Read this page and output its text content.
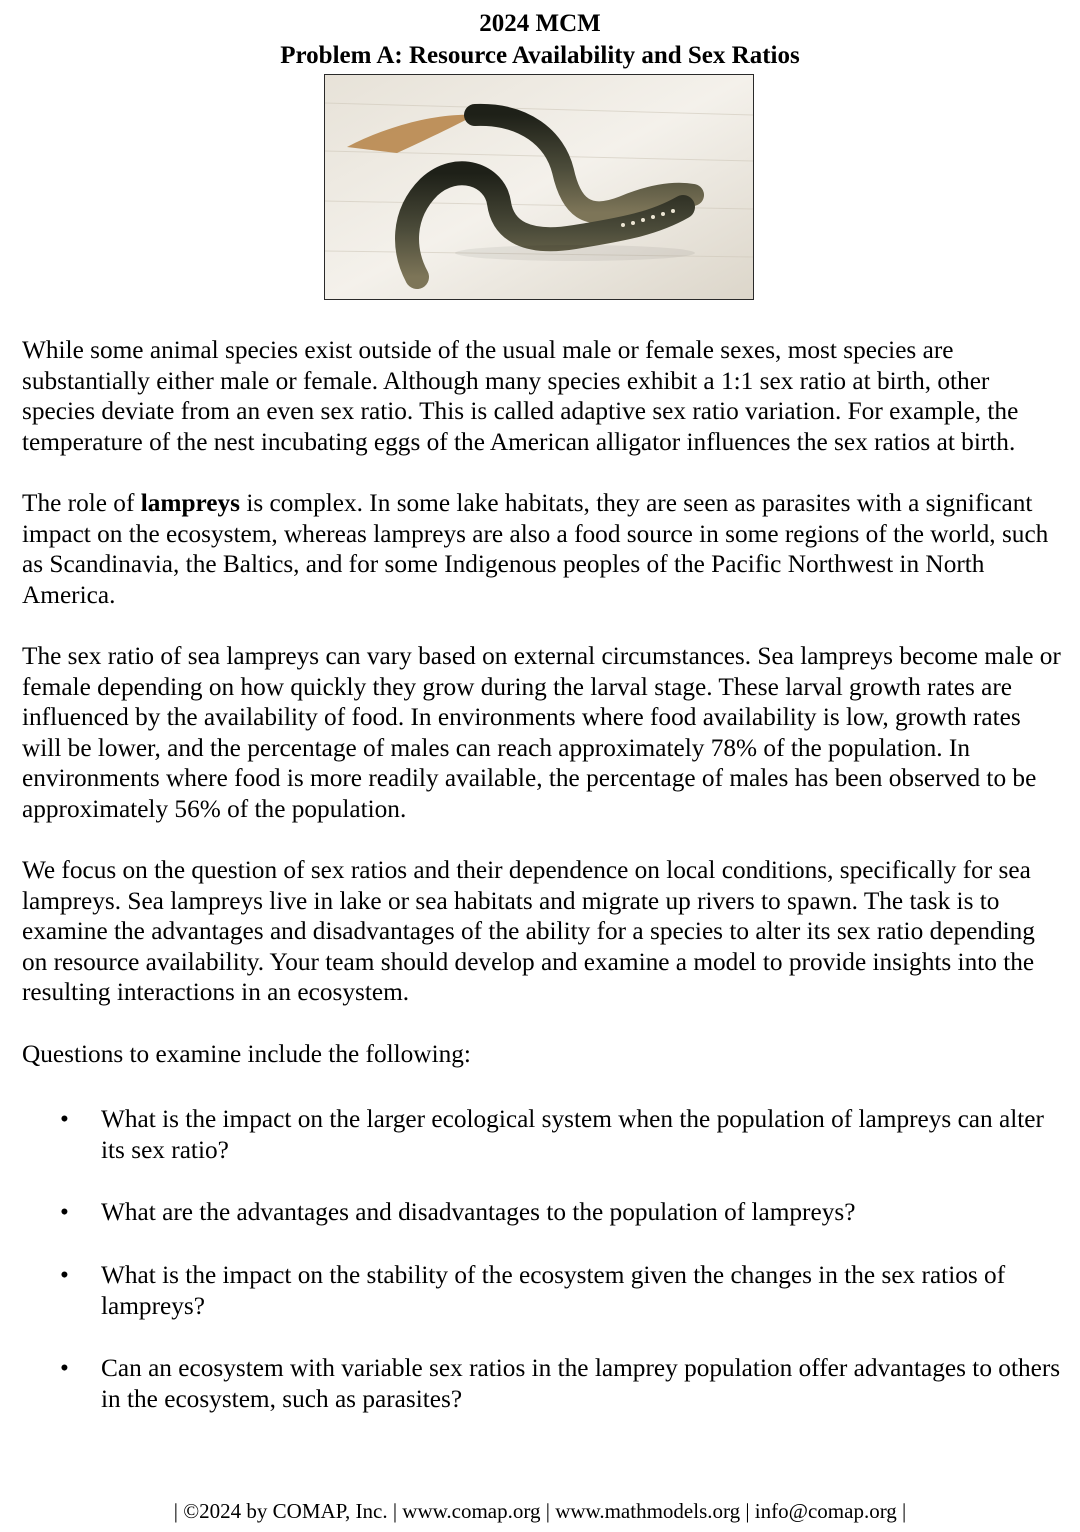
2024 MCM
Problem A: Resource Availability and Sex Ratios

While some animal species exist outside of the usual male or female sexes, most species are substantially either male or female. Although many species exhibit a 1:1 sex ratio at birth, other species deviate from an even sex ratio. This is called adaptive sex ratio variation. For example, the temperature of the nest incubating eggs of the American alligator influences the sex ratios at birth.

The role of lampreys is complex. In some lake habitats, they are seen as parasites with a significant impact on the ecosystem, whereas lampreys are also a food source in some regions of the world, such as Scandinavia, the Baltics, and for some Indigenous peoples of the Pacific Northwest in North America.

The sex ratio of sea lampreys can vary based on external circumstances. Sea lampreys become male or female depending on how quickly they grow during the larval stage. These larval growth rates are influenced by the availability of food. In environments where food availability is low, growth rates will be lower, and the percentage of males can reach approximately 78% of the population. In environments where food is more readily available, the percentage of males has been observed to be approximately 56% of the population.

We focus on the question of sex ratios and their dependence on local conditions, specifically for sea lampreys. Sea lampreys live in lake or sea habitats and migrate up rivers to spawn. The task is to examine the advantages and disadvantages of the ability for a species to alter its sex ratio depending on resource availability. Your team should develop and examine a model to provide insights into the resulting interactions in an ecosystem.

Questions to examine include the following:

• What is the impact on the larger ecological system when the population of lampreys can alter its sex ratio?
• What are the advantages and disadvantages to the population of lampreys?
• What is the impact on the stability of the ecosystem given the changes in the sex ratios of lampreys?
• Can an ecosystem with variable sex ratios in the lamprey population offer advantages to others in the ecosystem, such as parasites?
| ©2024 by COMAP, Inc. | www.comap.org | www.mathmodels.org | info@comap.org |
